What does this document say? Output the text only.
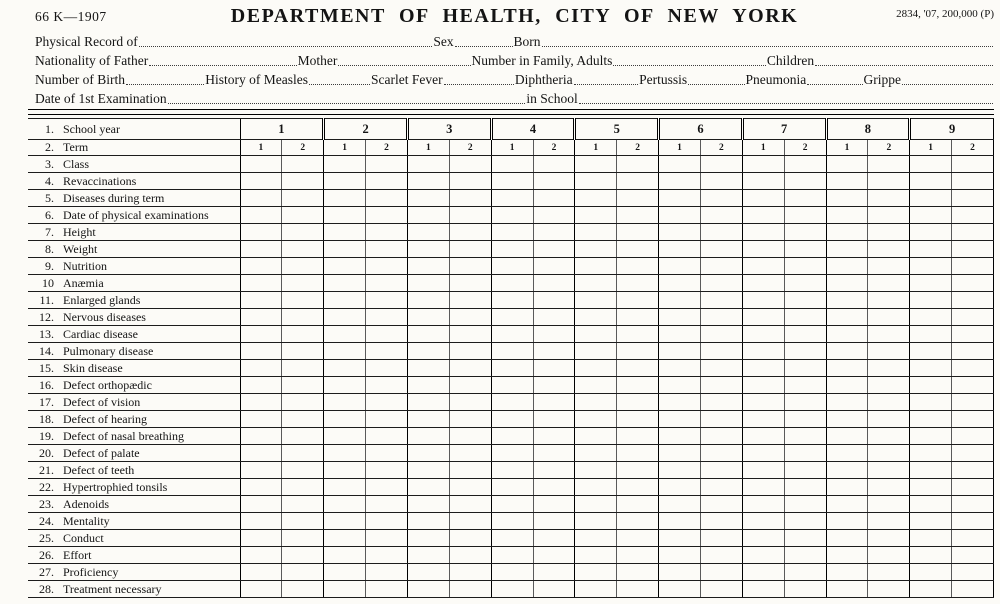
66 K—1907	DEPARTMENT OF HEALTH, CITY OF NEW YORK	2834, '07, 200,000 (P)
Physical Record of	Sex	Born
Nationality of Father	Mother	Number in Family, Adults	Children
Number of Birth	History of Measles	Scarlet Fever	Diphtheria	Pertussis	Pneumonia	Grippe
Date of 1st Examination	in School
1. School year	1		2		3		4		5		6		7		8		9	
2. Term	1	2	1	2	1	2	1	2	1	2	1	2	1	2	1	2	1	2
3. Class																		
4. Revaccinations																		
5. Diseases during term																		
6. Date of physical examinations																		
7. Height																		
8. Weight																		
9. Nutrition																		
10 Anæmia																		
11. Enlarged glands																		
12. Nervous diseases																		
13. Cardiac disease																		
14. Pulmonary disease																		
15. Skin disease																		
16. Defect orthopædic																		
17. Defect of vision																		
18. Defect of hearing																		
19. Defect of nasal breathing																		
20. Defect of palate																		
21. Defect of teeth																		
22. Hypertrophied tonsils																		
23. Adenoids																		
24. Mentality																		
25. Conduct																		
26. Effort																		
27. Proficiency																		
28. Treatment necessary																		
